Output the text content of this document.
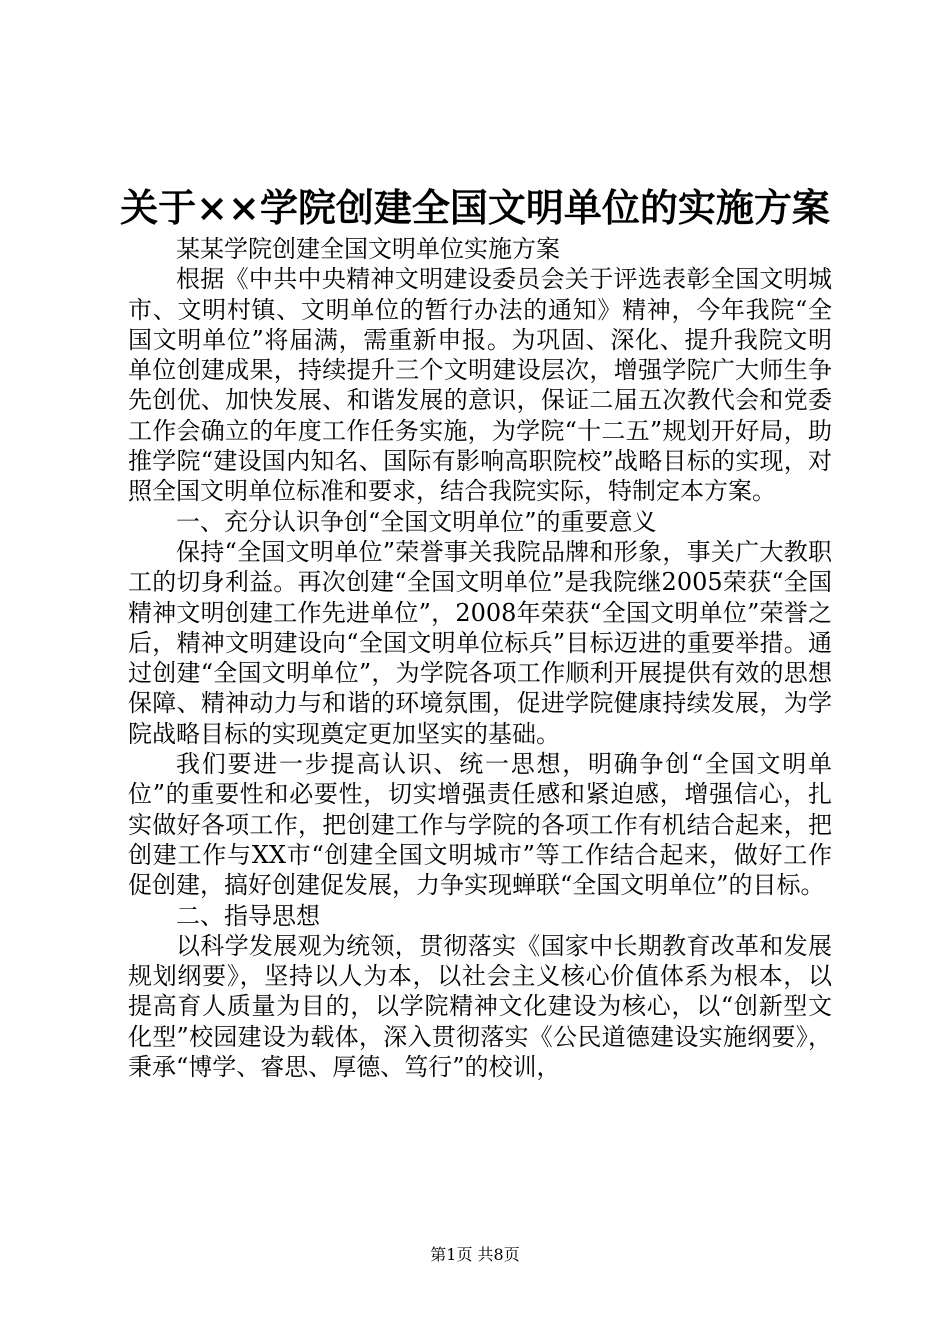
关于××学院创建全国文明单位的实施方案

某某学院创建全国文明单位实施方案

根据《中共中央精神文明建设委员会关于评选表彰全国文明城市、文明村镇、文明单位的暂行办法的通知》精神，今年我院“全国文明单位”将届满，需重新申报。为巩固、深化、提升我院文明单位创建成果，持续提升三个文明建设层次，增强学院广大师生争先创优、加快发展、和谐发展的意识，保证二届五次教代会和党委工作会确立的年度工作任务实施，为学院“十二五”规划开好局，助推学院“建设国内知名、国际有影响高职院校”战略目标的实现，对照全国文明单位标准和要求，结合我院实际，特制定本方案。

一、充分认识争创“全国文明单位”的重要意义

保持“全国文明单位”荣誉事关我院品牌和形象，事关广大教职工的切身利益。再次创建“全国文明单位”是我院继2005荣获“全国精神文明创建工作先进单位”，2008年荣获“全国文明单位”荣誉之后，精神文明建设向“全国文明单位标兵”目标迈进的重要举措。通过创建“全国文明单位”，为学院各项工作顺利开展提供有效的思想保障、精神动力与和谐的环境氛围，促进学院健康持续发展，为学院战略目标的实现奠定更加坚实的基础。

我们要进一步提高认识、统一思想，明确争创“全国文明单位”的重要性和必要性，切实增强责任感和紧迫感，增强信心，扎实做好各项工作，把创建工作与学院的各项工作有机结合起来，把创建工作与XX市“创建全国文明城市”等工作结合起来，做好工作促创建，搞好创建促发展，力争实现蝉联“全国文明单位”的目标。

二、指导思想

以科学发展观为统领，贯彻落实《国家中长期教育改革和发展规划纲要》，坚持以人为本，以社会主义核心价值体系为根本，以提高育人质量为目的，以学院精神文化建设为核心，以“创新型文化型”校园建设为载体，深入贯彻落实《公民道德建设实施纲要》，秉承“博学、睿思、厚德、笃行”的校训，

第1页 共8页
